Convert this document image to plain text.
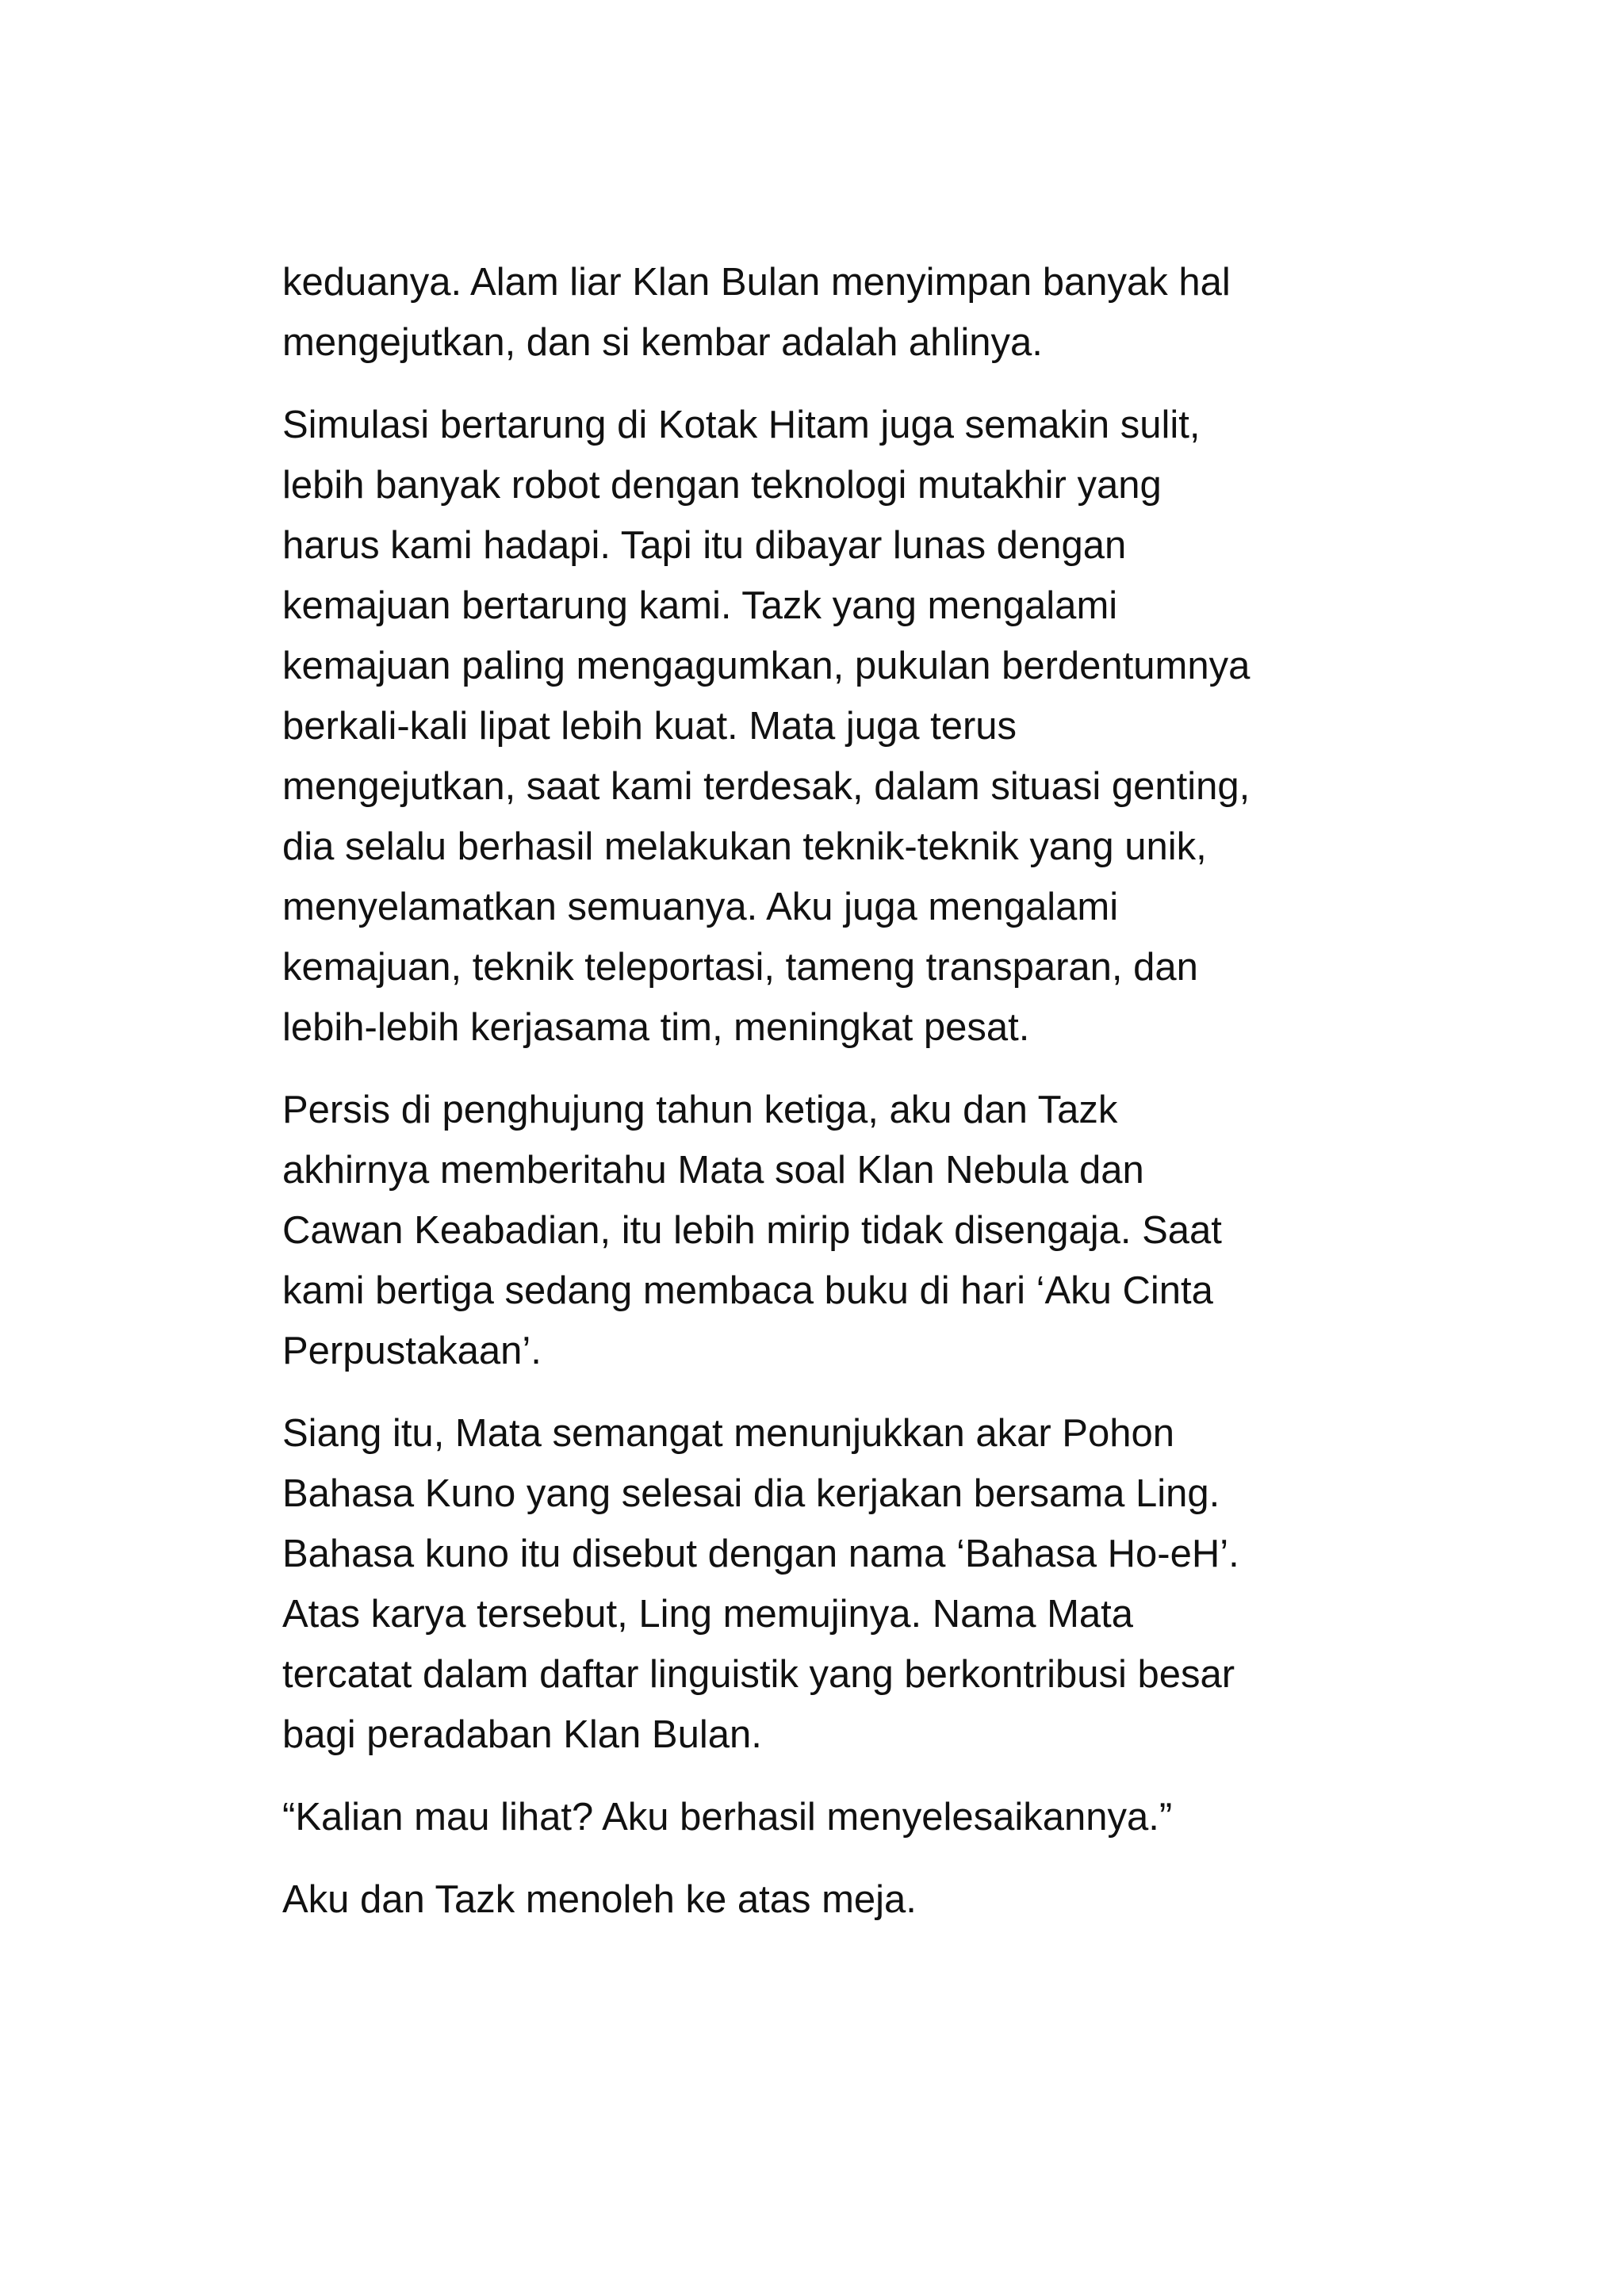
keduanya. Alam liar Klan Bulan menyimpan banyak hal
mengejutkan, dan si kembar adalah ahlinya.

Simulasi bertarung di Kotak Hitam juga semakin sulit,
lebih banyak robot dengan teknologi mutakhir yang
harus kami hadapi. Tapi itu dibayar lunas dengan
kemajuan bertarung kami. Tazk yang mengalami
kemajuan paling mengagumkan, pukulan berdentumnya
berkali-kali lipat lebih kuat. Mata juga terus
mengejutkan, saat kami terdesak, dalam situasi genting,
dia selalu berhasil melakukan teknik-teknik yang unik,
menyelamatkan semuanya. Aku juga mengalami
kemajuan, teknik teleportasi, tameng transparan, dan
lebih-lebih kerjasama tim, meningkat pesat.

Persis di penghujung tahun ketiga, aku dan Tazk
akhirnya memberitahu Mata soal Klan Nebula dan
Cawan Keabadian, itu lebih mirip tidak disengaja. Saat
kami bertiga sedang membaca buku di hari ‘Aku Cinta
Perpustakaan’.

Siang itu, Mata semangat menunjukkan akar Pohon
Bahasa Kuno yang selesai dia kerjakan bersama Ling.
Bahasa kuno itu disebut dengan nama ‘Bahasa Ho-eH’.
Atas karya tersebut, Ling memujinya. Nama Mata
tercatat dalam daftar linguistik yang berkontribusi besar
bagi peradaban Klan Bulan.

“Kalian mau lihat? Aku berhasil menyelesaikannya.”

Aku dan Tazk menoleh ke atas meja.
